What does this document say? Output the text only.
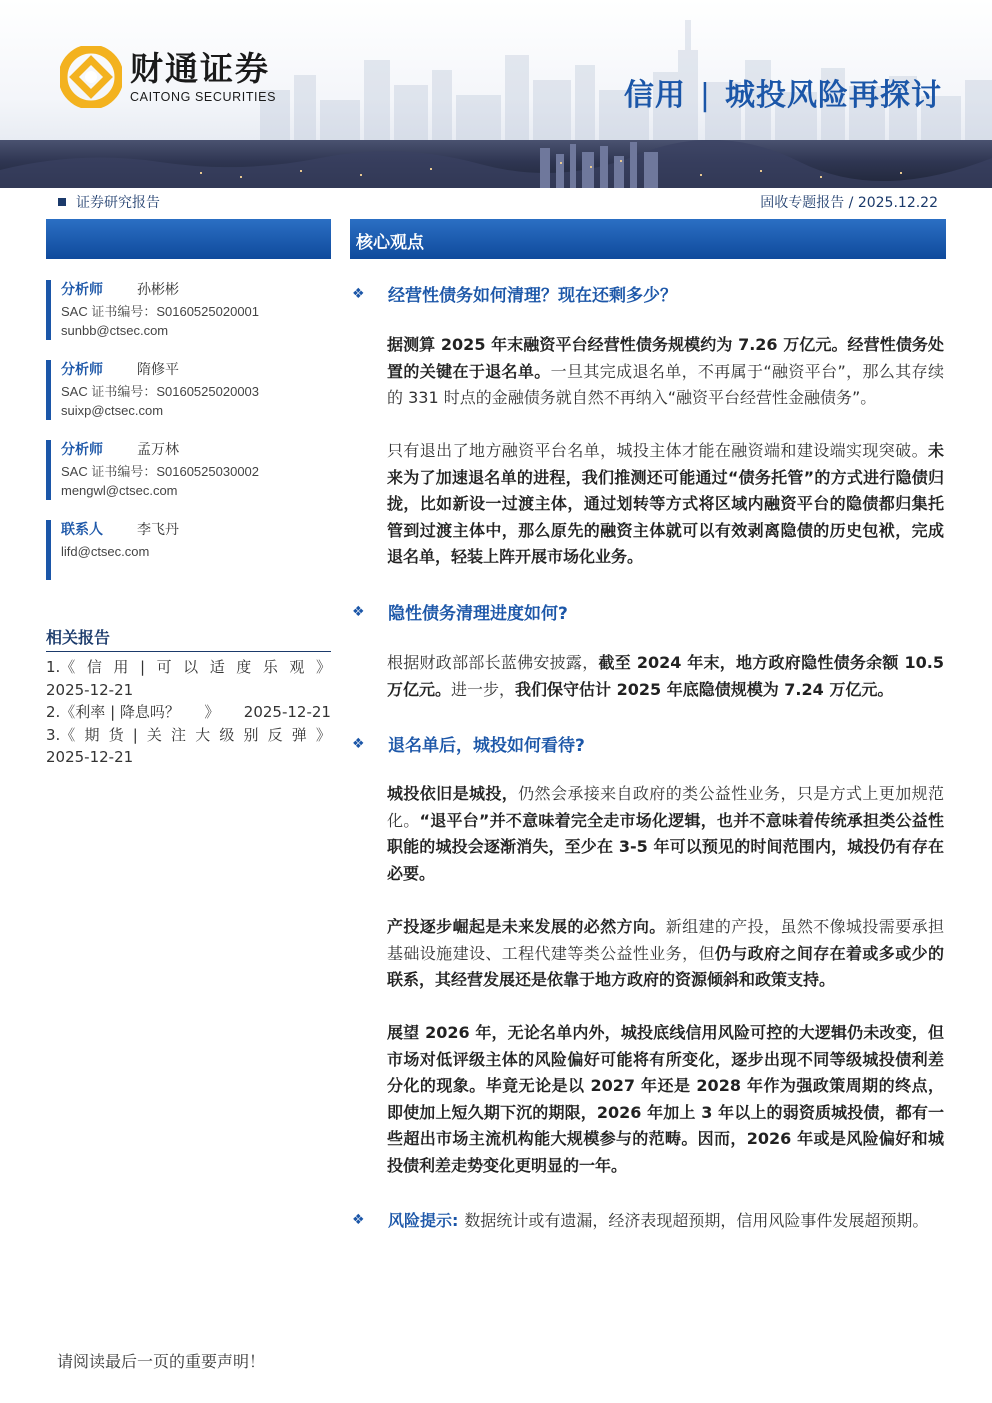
财通证券
CAITONG SECURITIES	信用 | 城投风险再探讨
证券研究报告	固收专题报告 / 2025.12.22
分析师	孙彬彬
SAC 证书编号：S0160525020001
sunbb@ctsec.com
分析师	隋修平
SAC 证书编号：S0160525020003
suixp@ctsec.com
分析师	孟万林
SAC 证书编号：S0160525030002
mengwl@ctsec.com
联系人	李飞丹
lifd@ctsec.com
相关报告
1.《 信 用 | 可 以 适 度 乐 观 》
2025-12-21
2.《利率 | 降息吗？ 》 2025-12-21
3.《 期 货 | 关 注 大 级 别 反 弹 》
2025-12-21
核心观点
❖	经营性债务如何清理？现在还剩多少？
据测算 2025 年末融资平台经营性债务规模约为 7.26 万亿元。经营性债务处置的关键在于退名单。一旦其完成退名单，不再属于“融资平台”，那么其存续的 331 时点的金融债务就自然不再纳入“融资平台经营性金融债务”。
只有退出了地方融资平台名单，城投主体才能在融资端和建设端实现突破。未来为了加速退名单的进程，我们推测还可能通过“债务托管”的方式进行隐债归拢，比如新设一过渡主体，通过划转等方式将区域内融资平台的隐债都归集托管到过渡主体中，那么原先的融资主体就可以有效剥离隐债的历史包袱，完成退名单，轻装上阵开展市场化业务。
❖	隐性债务清理进度如何?
根据财政部部长蓝佛安披露，截至 2024 年末，地方政府隐性债务余额 10.5 万亿元。进一步，我们保守估计 2025 年底隐债规模为 7.24 万亿元。
❖	退名单后，城投如何看待?
城投依旧是城投，仍然会承接来自政府的类公益性业务，只是方式上更加规范化。“退平台”并不意味着完全走市场化逻辑，也并不意味着传统承担类公益性职能的城投会逐渐消失，至少在 3-5 年可以预见的时间范围内，城投仍有存在必要。
产投逐步崛起是未来发展的必然方向。新组建的产投，虽然不像城投需要承担基础设施建设、工程代建等类公益性业务，但仍与政府之间存在着或多或少的联系，其经营发展还是依靠于地方政府的资源倾斜和政策支持。
展望 2026 年，无论名单内外，城投底线信用风险可控的大逻辑仍未改变，但市场对低评级主体的风险偏好可能将有所变化，逐步出现不同等级城投债利差分化的现象。毕竟无论是以 2027 年还是 2028 年作为强政策周期的终点，即使加上短久期下沉的期限，2026 年加上 3 年以上的弱资质城投债，都有一些超出市场主流机构能大规模参与的范畴。因而，2026 年或是风险偏好和城投债利差走势变化更明显的一年。
❖	风险提示: 数据统计或有遗漏，经济表现超预期，信用风险事件发展超预期。
请阅读最后一页的重要声明！
